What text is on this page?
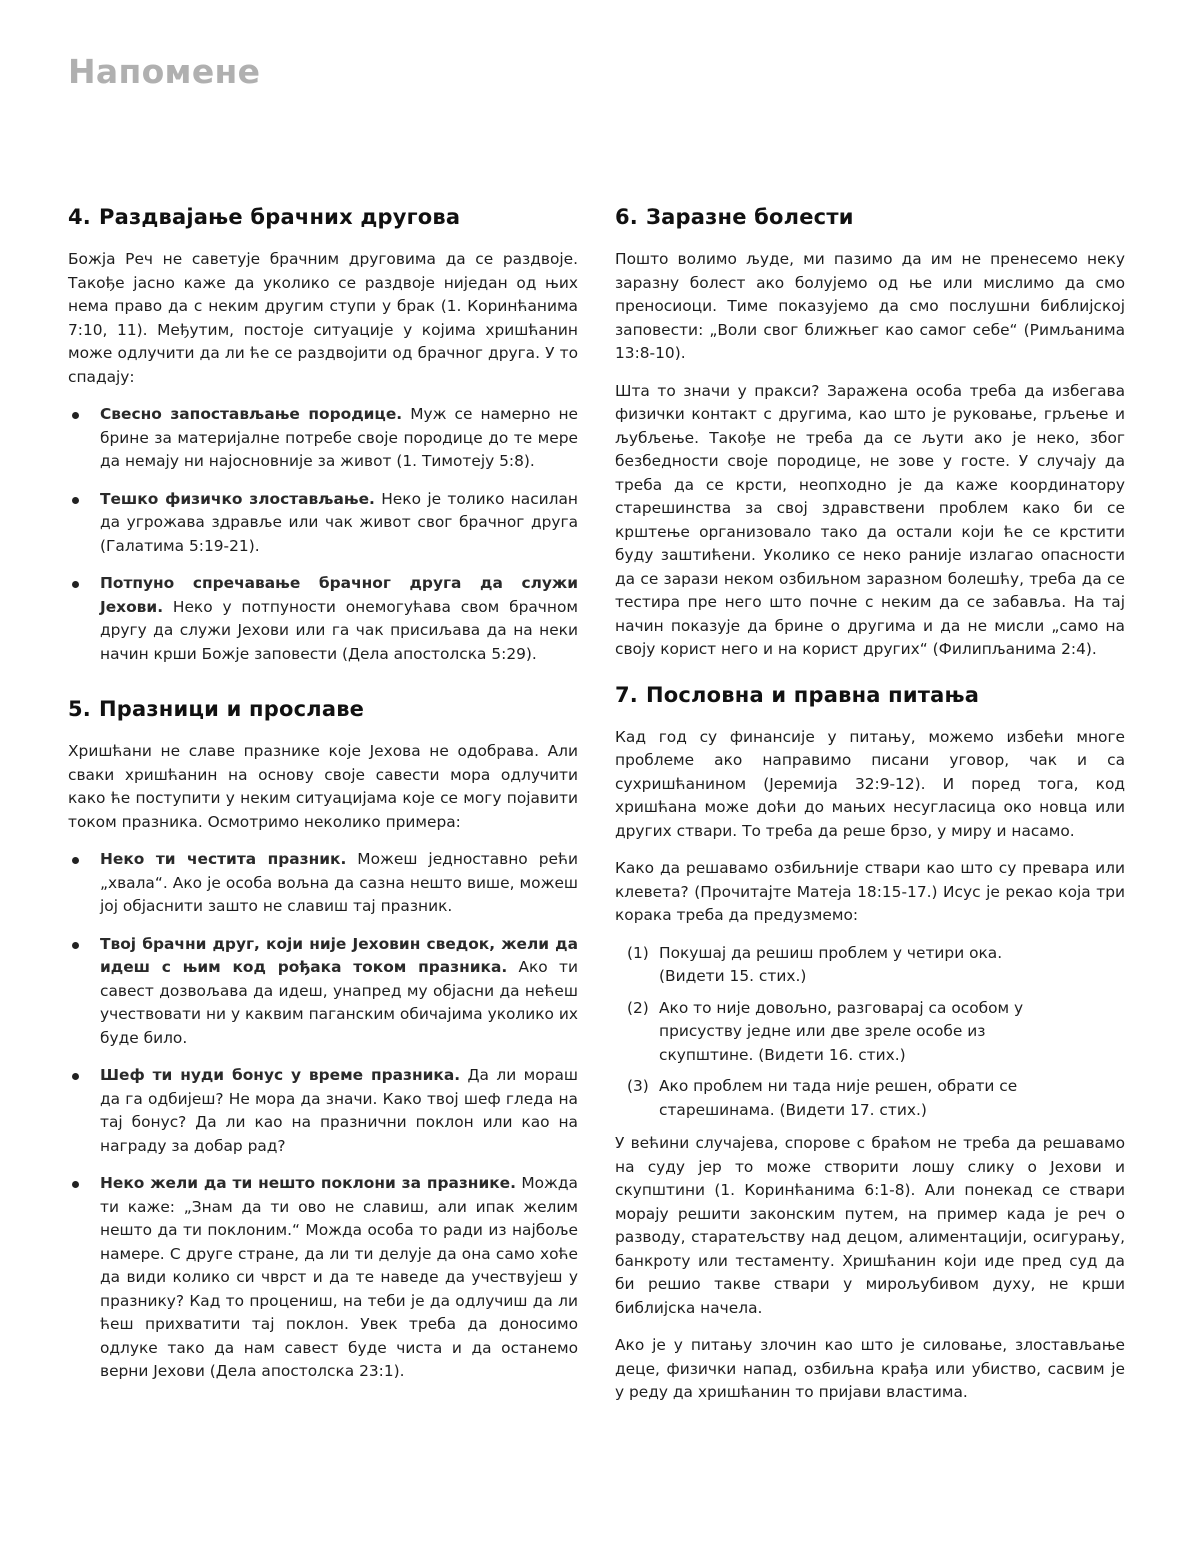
Напомене
4. Раздвајање брачних другова

Божја Реч не саветује брачним друговима да се раздвоје. Такође јасно каже да уколико се раздвоје ниједан од њих нема право да с неким другим ступи у брак (1. Коринћанима 7:10, 11). Међутим, постоје ситуације у којима хришћанин може одлучити да ли ће се раздвојити од брачног друга. У то спадају:

Свесно запостављање породице. Муж се намерно не брине за материјалне потребе своје породице до те мере да немају ни најосновније за живот (1. Тимотеју 5:8).
Тешко физичко злостављање. Неко је толико насилан да угрожава здравље или чак живот свог брачног друга (Галатима 5:19-21).
Потпуно спречавање брачног друга да служи Јехови. Неко у потпуности онемогућава свом брачном другу да служи Јехови или га чак присиљава да на неки начин крши Божје заповести (Дела апостолска 5:29).
5. Празници и прославе

Хришћани не славе празнике које Јехова не одобрава. Али сваки хришћанин на основу своје савести мора одлучити како ће поступити у неким ситуацијама које се могу појавити током празника. Осмотримо неколико примера:

Неко ти честита празник. Можеш једноставно рећи „хвала“. Ако је особа вољна да сазна нешто више, можеш јој објаснити зашто не славиш тај празник.
Твој брачни друг, који није Јеховин сведок, жели да идеш с њим код рођака током празника. Ако ти савест дозвољава да идеш, унапред му објасни да нећеш учествовати ни у каквим паганским обичајима уколико их буде било.
Шеф ти нуди бонус у време празника. Да ли мораш да га одбијеш? Не мора да значи. Како твој шеф гледа на тај бонус? Да ли као на празнични поклон или као на награду за добар рад?
Неко жели да ти нешто поклони за празнике. Можда ти каже: „Знам да ти ово не славиш, али ипак желим нешто да ти поклоним.“ Можда особа то ради из најбоље намере. С друге стране, да ли ти делује да она само хоће да види колико си чврст и да те наведе да учествујеш у празнику? Кад то процениш, на теби је да одлучиш да ли ћеш прихватити тај поклон. Увек треба да доносимо одлуке тако да нам савест буде чиста и да останемо верни Јехови (Дела апостолска 23:1).
6. Заразне болести

Пошто волимо људе, ми пазимо да им не пренесемо неку заразну болест ако болујемо од ње или мислимо да смо преносиоци. Тиме показујемо да смо послушни библијској заповести: „Воли свог ближњег као самог себе“ (Римљанима 13:8-10).

Шта то значи у пракси? Заражена особа треба да избегава физички контакт с другима, као што је руковање, грљење и љубљење. Такође не треба да се љути ако је неко, због безбедности своје породице, не зове у госте. У случају да треба да се крсти, неопходно је да каже координатору старешинства за свој здравствени проблем како би се крштење организовало тако да остали који ће се крстити буду заштићени. Уколико се неко раније излагао опасности да се зарази неком озбиљном заразном болешћу, треба да се тестира пре него што почне с неким да се забавља. На тај начин показује да брине о другима и да не мисли „само на своју корист него и на корист других“ (Филипљанима 2:4).

7. Пословна и правна питања

Кад год су финансије у питању, можемо избећи многе проблеме ако направимо писани уговор, чак и са сухришћанином (Јеремија 32:9-12). И поред тога, код хришћана може доћи до мањих несугласица око новца или других ствари. То треба да реше брзо, у миру и насамо.

Како да решавамо озбиљније ствари као што су превара или клевета? (Прочитајте Матеја 18:15-17.) Исус је рекао која три корака треба да предузмемо:

(1) Покушај да решиш проблем у четири ока. (Видети 15. стих.)
(2) Ако то није довољно, разговарај са особом у присуству једне или две зреле особе из скупштине. (Видети 16. стих.)
(3) Ако проблем ни тада није решен, обрати се старешинама. (Видети 17. стих.)

У већини случајева, спорове с браћом не треба да решавамо на суду јер то може створити лошу слику о Јехови и скупштини (1. Коринћанима 6:1-8). Али понекад се ствари морају решити законским путем, на пример када је реч о разводу, старатељству над децом, алиментацији, осигурању, банкроту или тестаменту. Хришћанин који иде пред суд да би решио такве ствари у мирољубивом духу, не крши библијска начела.

Ако је у питању злочин као што је силовање, злостављање деце, физички напад, озбиљна крађа или убиство, сасвим је у реду да хришћанин то пријави властима.
